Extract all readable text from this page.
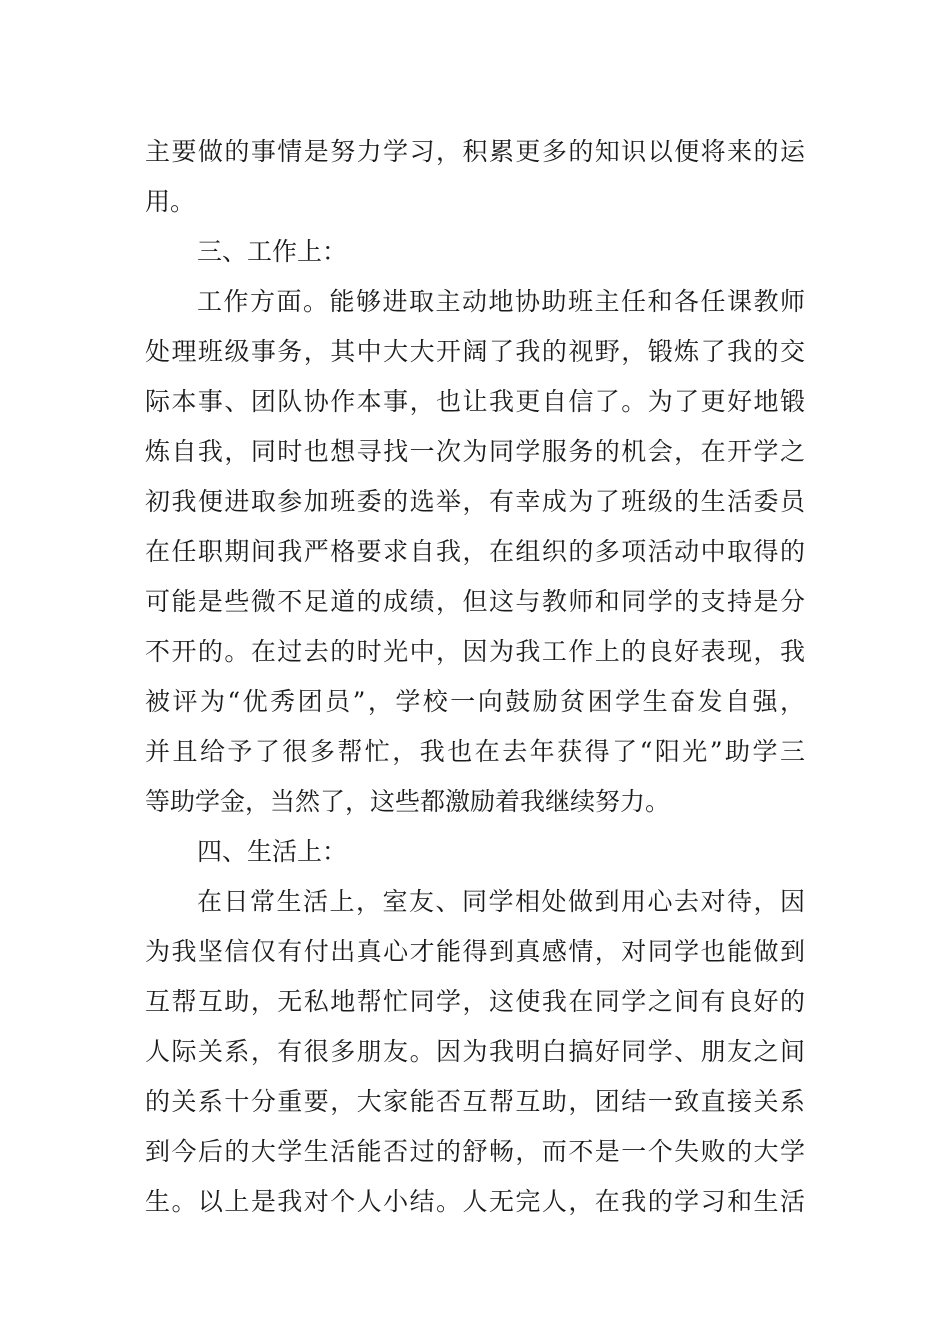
主要做的事情是努力学习，积累更多的知识以便将来的运
用。
三、工作上：
工作方面。能够进取主动地协助班主任和各任课教师
处理班级事务，其中大大开阔了我的视野，锻炼了我的交
际本事、团队协作本事，也让我更自信了。为了更好地锻
炼自我，同时也想寻找一次为同学服务的机会，在开学之
初我便进取参加班委的选举，有幸成为了班级的生活委员
在任职期间我严格要求自我，在组织的多项活动中取得的
可能是些微不足道的成绩，但这与教师和同学的支持是分
不开的。在过去的时光中，因为我工作上的良好表现，我
被评为“优秀团员”，学校一向鼓励贫困学生奋发自强，
并且给予了很多帮忙，我也在去年获得了“阳光”助学三
等助学金，当然了，这些都激励着我继续努力。
四、生活上：
在日常生活上，室友、同学相处做到用心去对待，因
为我坚信仅有付出真心才能得到真感情，对同学也能做到
互帮互助，无私地帮忙同学，这使我在同学之间有良好的
人际关系，有很多朋友。因为我明白搞好同学、朋友之间
的关系十分重要，大家能否互帮互助，团结一致直接关系
到今后的大学生活能否过的舒畅，而不是一个失败的大学
生。以上是我对个人小结。人无完人，在我的学习和生活
